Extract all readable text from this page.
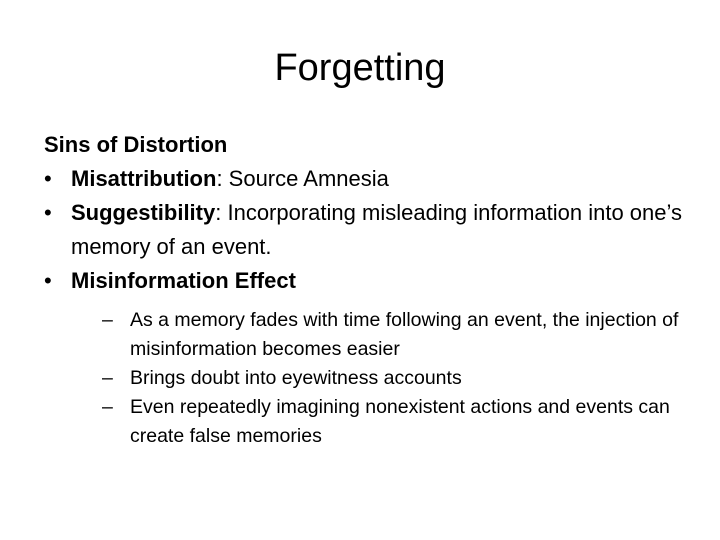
Forgetting

Sins of Distortion

• Misattribution: Source Amnesia
• Suggestibility: Incorporating misleading information into one’s memory of an event.
• Misinformation Effect
– As a memory fades with time following an event, the injection of misinformation becomes easier
– Brings doubt into eyewitness accounts
– Even repeatedly imagining nonexistent actions and events can create false memories
